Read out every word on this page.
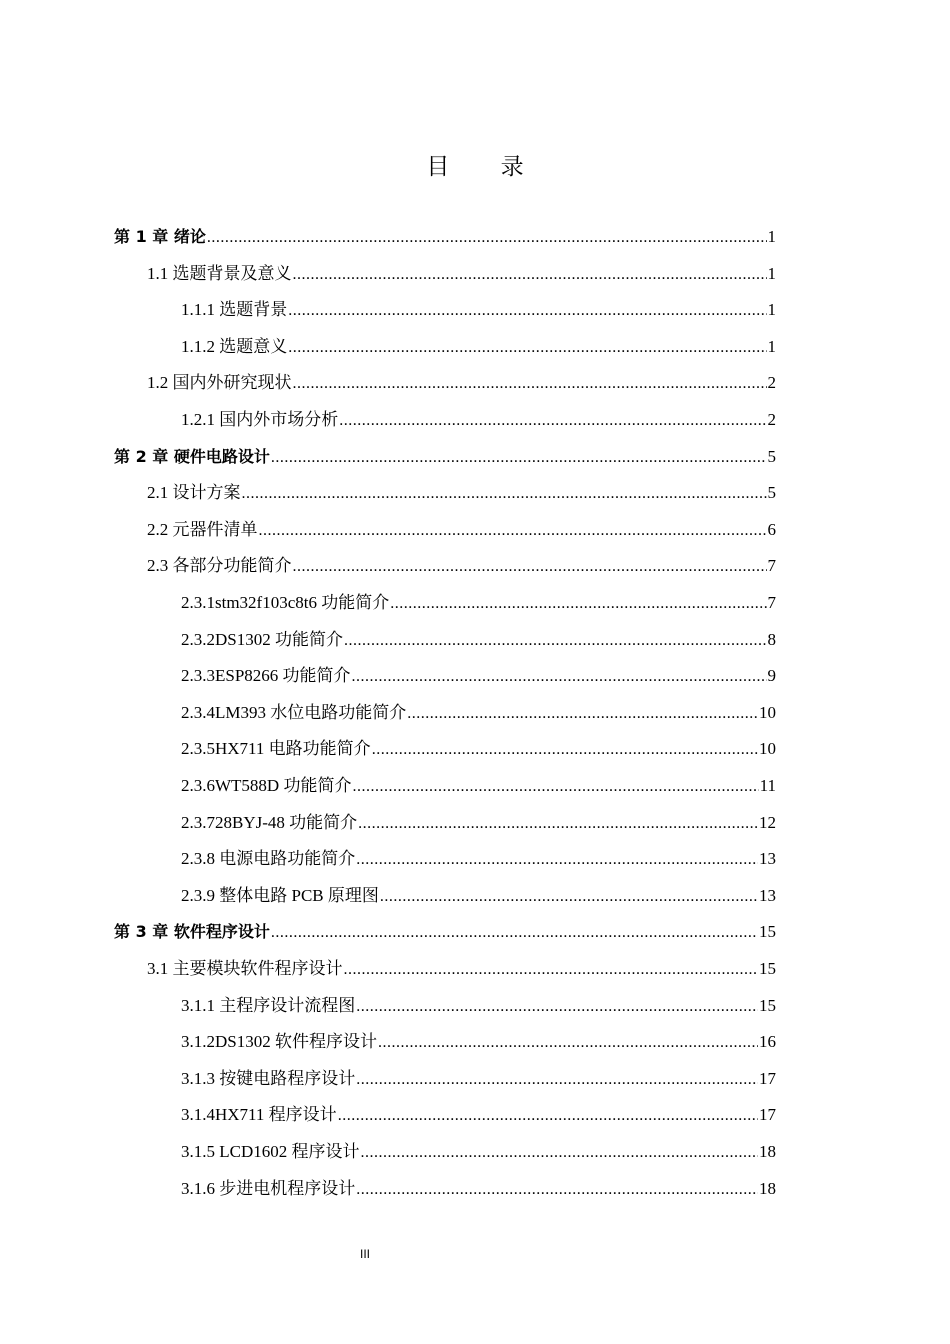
目 录
第 1 章 绪论 .....	1
1.1 选题背景及意义 .....	1
1.1.1 选题背景 .....	1
1.1.2 选题意义 .....	1
1.2 国内外研究现状 .....	2
1.2.1 国内外市场分析 .....	2
第 2 章 硬件电路设计 .....	5
2.1 设计方案 .....	5
2.2 元器件清单 .....	6
2.3 各部分功能简介 .....	7
2.3.1stm32f103c8t6 功能简介 .....	7
2.3.2DS1302 功能简介 .....	8
2.3.3ESP8266 功能简介 .....	9
2.3.4LM393 水位电路功能简介 .....	10
2.3.5HX711 电路功能简介 .....	10
2.3.6WT588D 功能简介 .....	11
2.3.728BYJ-48 功能简介 .....	12
2.3.8 电源电路功能简介 .....	13
2.3.9 整体电路 PCB 原理图 .....	13
第 3 章 软件程序设计 .....	15
3.1 主要模块软件程序设计 .....	15
3.1.1 主程序设计流程图 .....	15
3.1.2DS1302 软件程序设计 .....	16
3.1.3 按键电路程序设计 .....	17
3.1.4HX711 程序设计 .....	17
3.1.5 LCD1602 程序设计 .....	18
3.1.6 步进电机程序设计 .....	18
III
